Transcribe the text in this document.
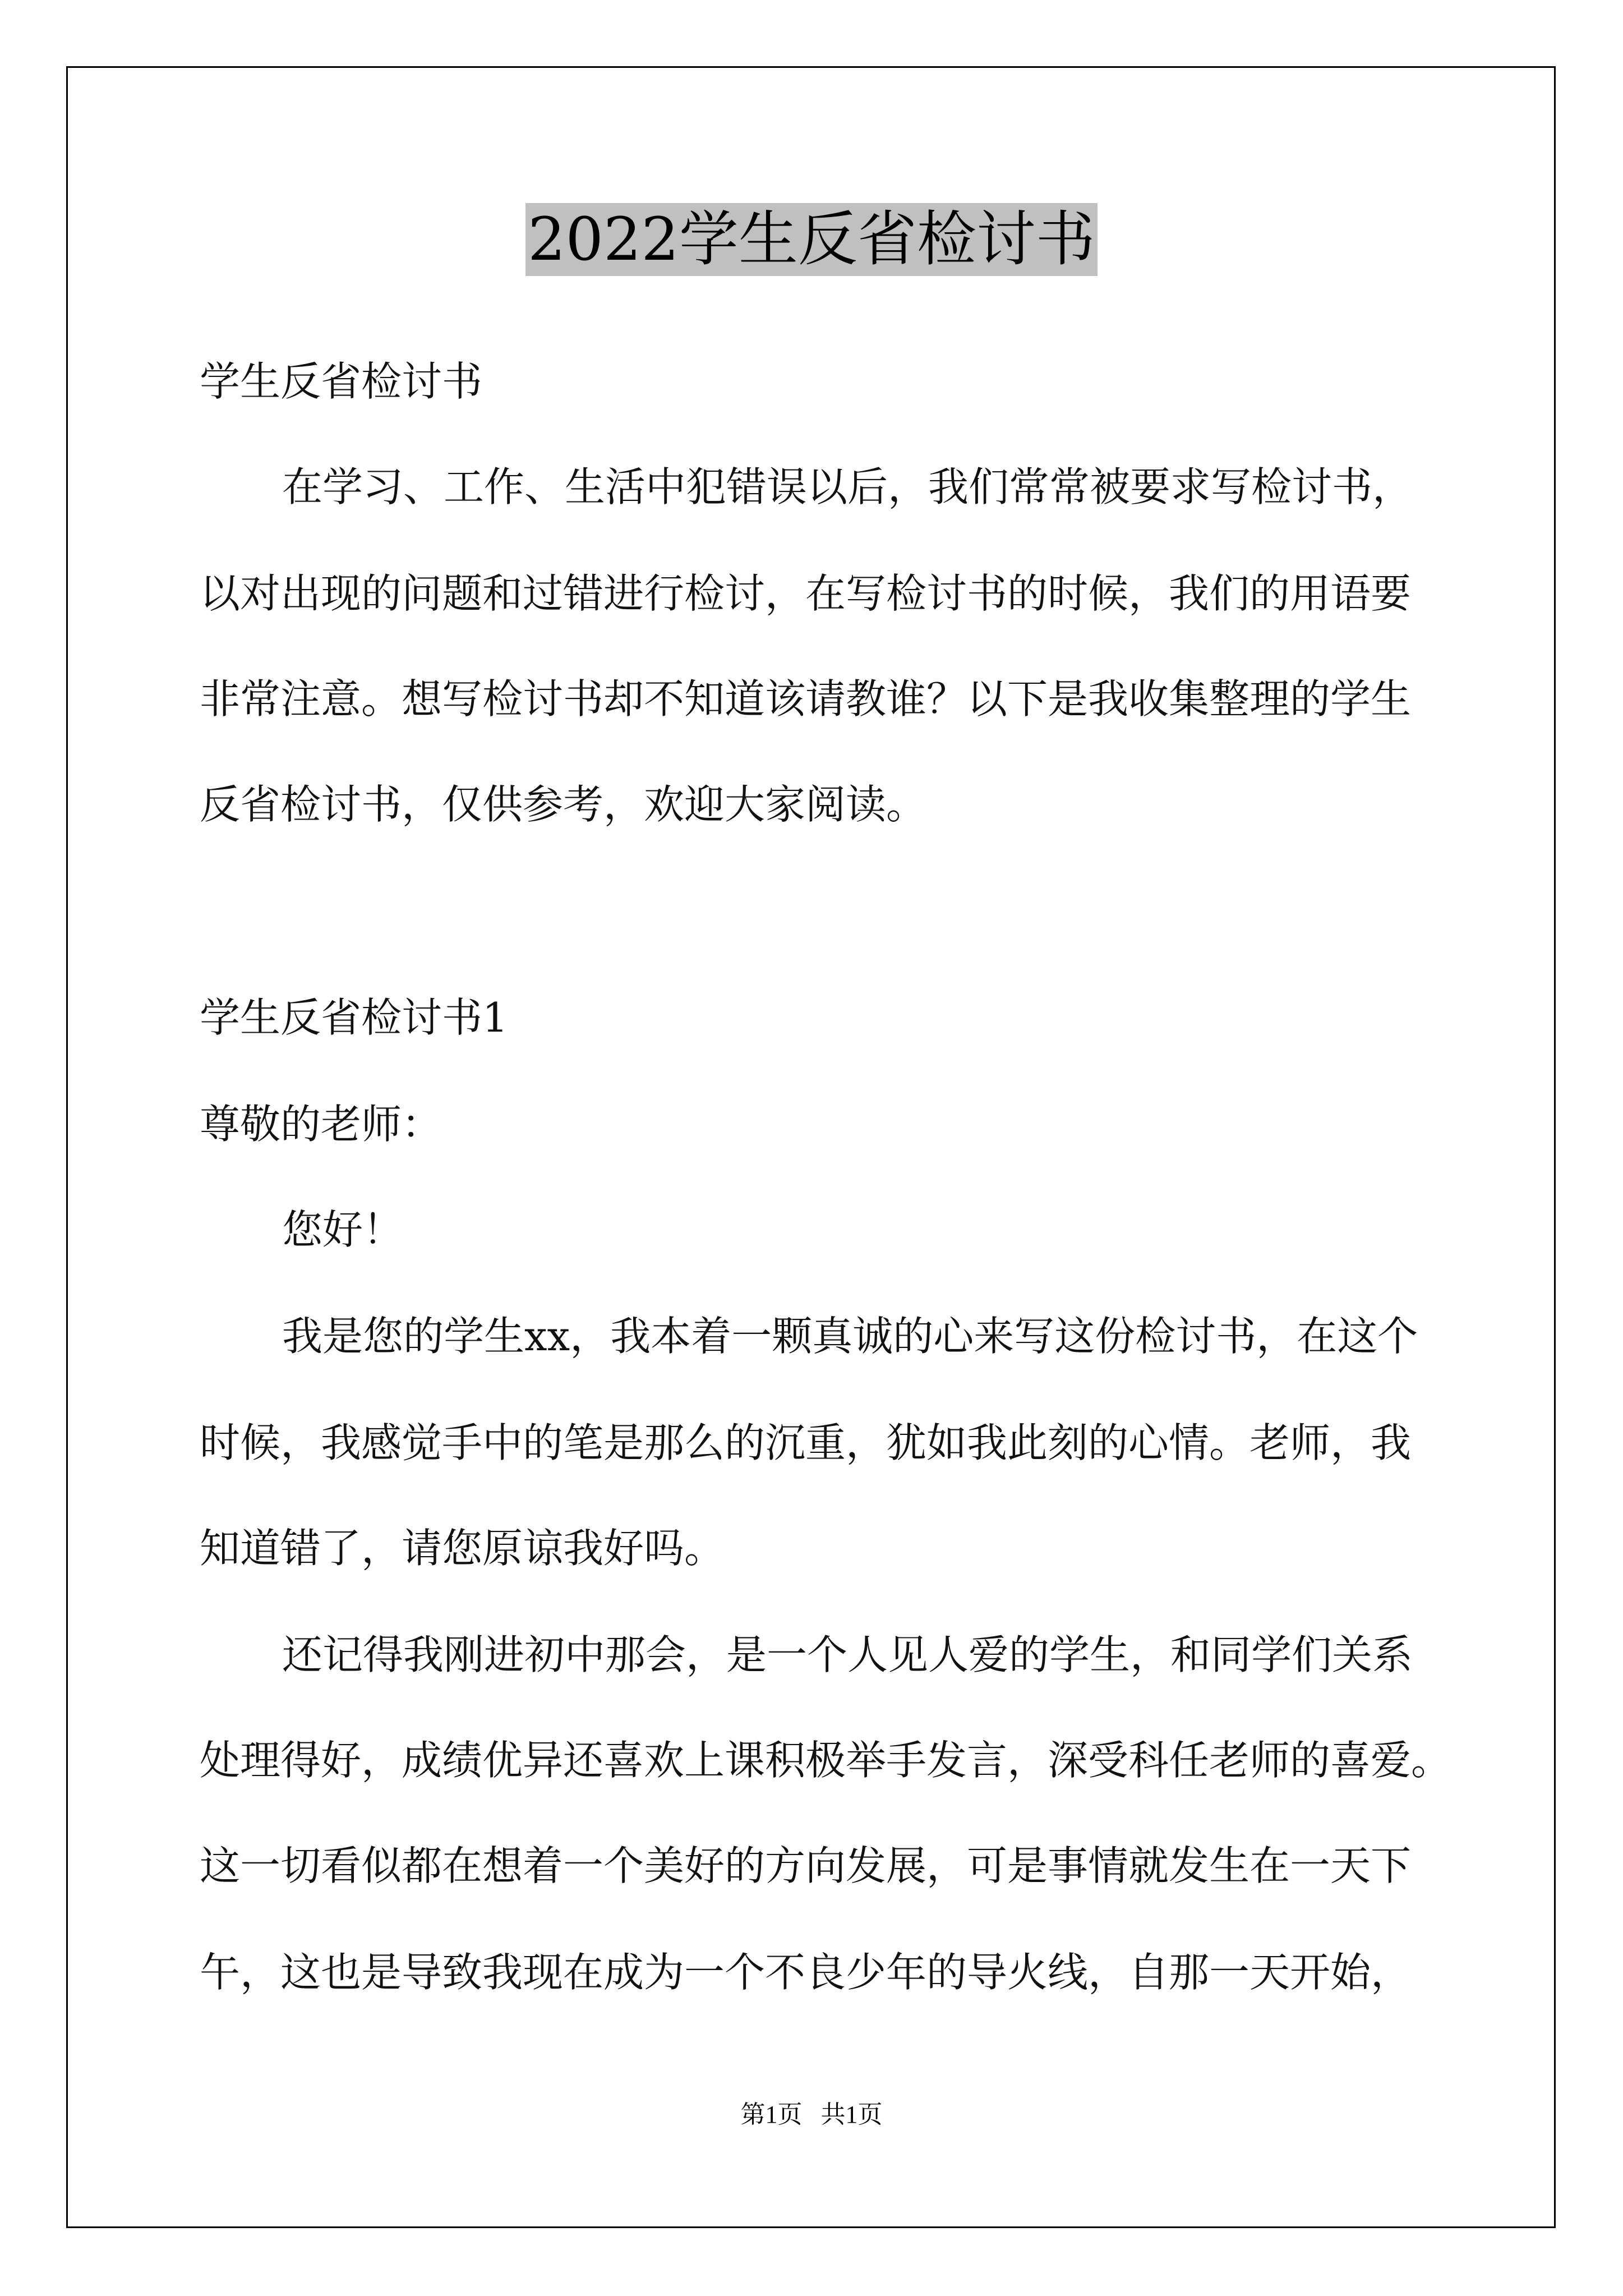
2022学生反省检讨书
学生反省检讨书
在学习、工作、生活中犯错误以后，我们常常被要求写检讨书，
以对出现的问题和过错进行检讨，在写检讨书的时候，我们的用语要
非常注意。想写检讨书却不知道该请教谁？以下是我收集整理的学生
反省检讨书，仅供参考，欢迎大家阅读。
学生反省检讨书1
尊敬的老师：
您好！
我是您的学生xx，我本着一颗真诚的心来写这份检讨书，在这个
时候，我感觉手中的笔是那么的沉重，犹如我此刻的心情。老师，我
知道错了，请您原谅我好吗。
还记得我刚进初中那会，是一个人见人爱的学生，和同学们关系
处理得好，成绩优异还喜欢上课积极举手发言，深受科任老师的喜爱。
这一切看似都在想着一个美好的方向发展，可是事情就发生在一天下
午，这也是导致我现在成为一个不良少年的导火线，自那一天开始，
第1页   共1页
